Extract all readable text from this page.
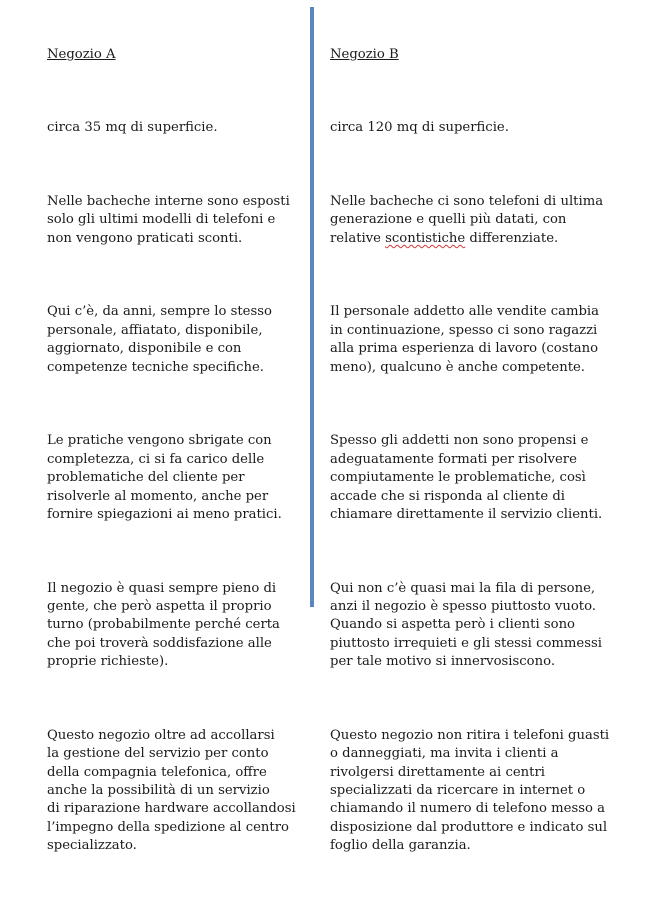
Negozio A

circa 35 mq di superficie.

Nelle bacheche interne sono esposti
solo gli ultimi modelli di telefoni e
non vengono praticati sconti.

Qui c’è, da anni, sempre lo stesso
personale, affiatato, disponibile,
aggiornato, disponibile e con
competenze tecniche specifiche.

Le pratiche vengono sbrigate con
completezza, ci si fa carico delle
problematiche del cliente per
risolverle al momento, anche per
fornire spiegazioni ai meno pratici.

Il negozio è quasi sempre pieno di
gente, che però aspetta il proprio
turno (probabilmente perché certa
che poi troverà soddisfazione alle
proprie richieste).

Questo negozio oltre ad accollarsi
la gestione del servizio per conto
della compagnia telefonica, offre
anche la possibilità di un servizio
di riparazione hardware accollandosi
l’impegno della spedizione al centro
specializzato.

Negozio B

circa 120 mq di superficie.

Nelle bacheche ci sono telefoni di ultima
generazione e quelli più datati, con
relative scontistiche differenziate.

Il personale addetto alle vendite cambia
in continuazione, spesso ci sono ragazzi
alla prima esperienza di lavoro (costano
meno), qualcuno è anche competente.

Spesso gli addetti non sono propensi e
adeguatamente formati per risolvere
compiutamente le problematiche, così
accade che si risponda al cliente di
chiamare direttamente il servizio clienti.

Qui non c’è quasi mai la fila di persone,
anzi il negozio è spesso piuttosto vuoto.
Quando si aspetta però i clienti sono
piuttosto irrequieti e gli stessi commessi
per tale motivo si innervosiscono.

Questo negozio non ritira i telefoni guasti
o danneggiati, ma invita i clienti a
rivolgersi direttamente ai centri
specializzati da ricercare in internet o
chiamando il numero di telefono messo a
disposizione dal produttore e indicato sul
foglio della garanzia.
